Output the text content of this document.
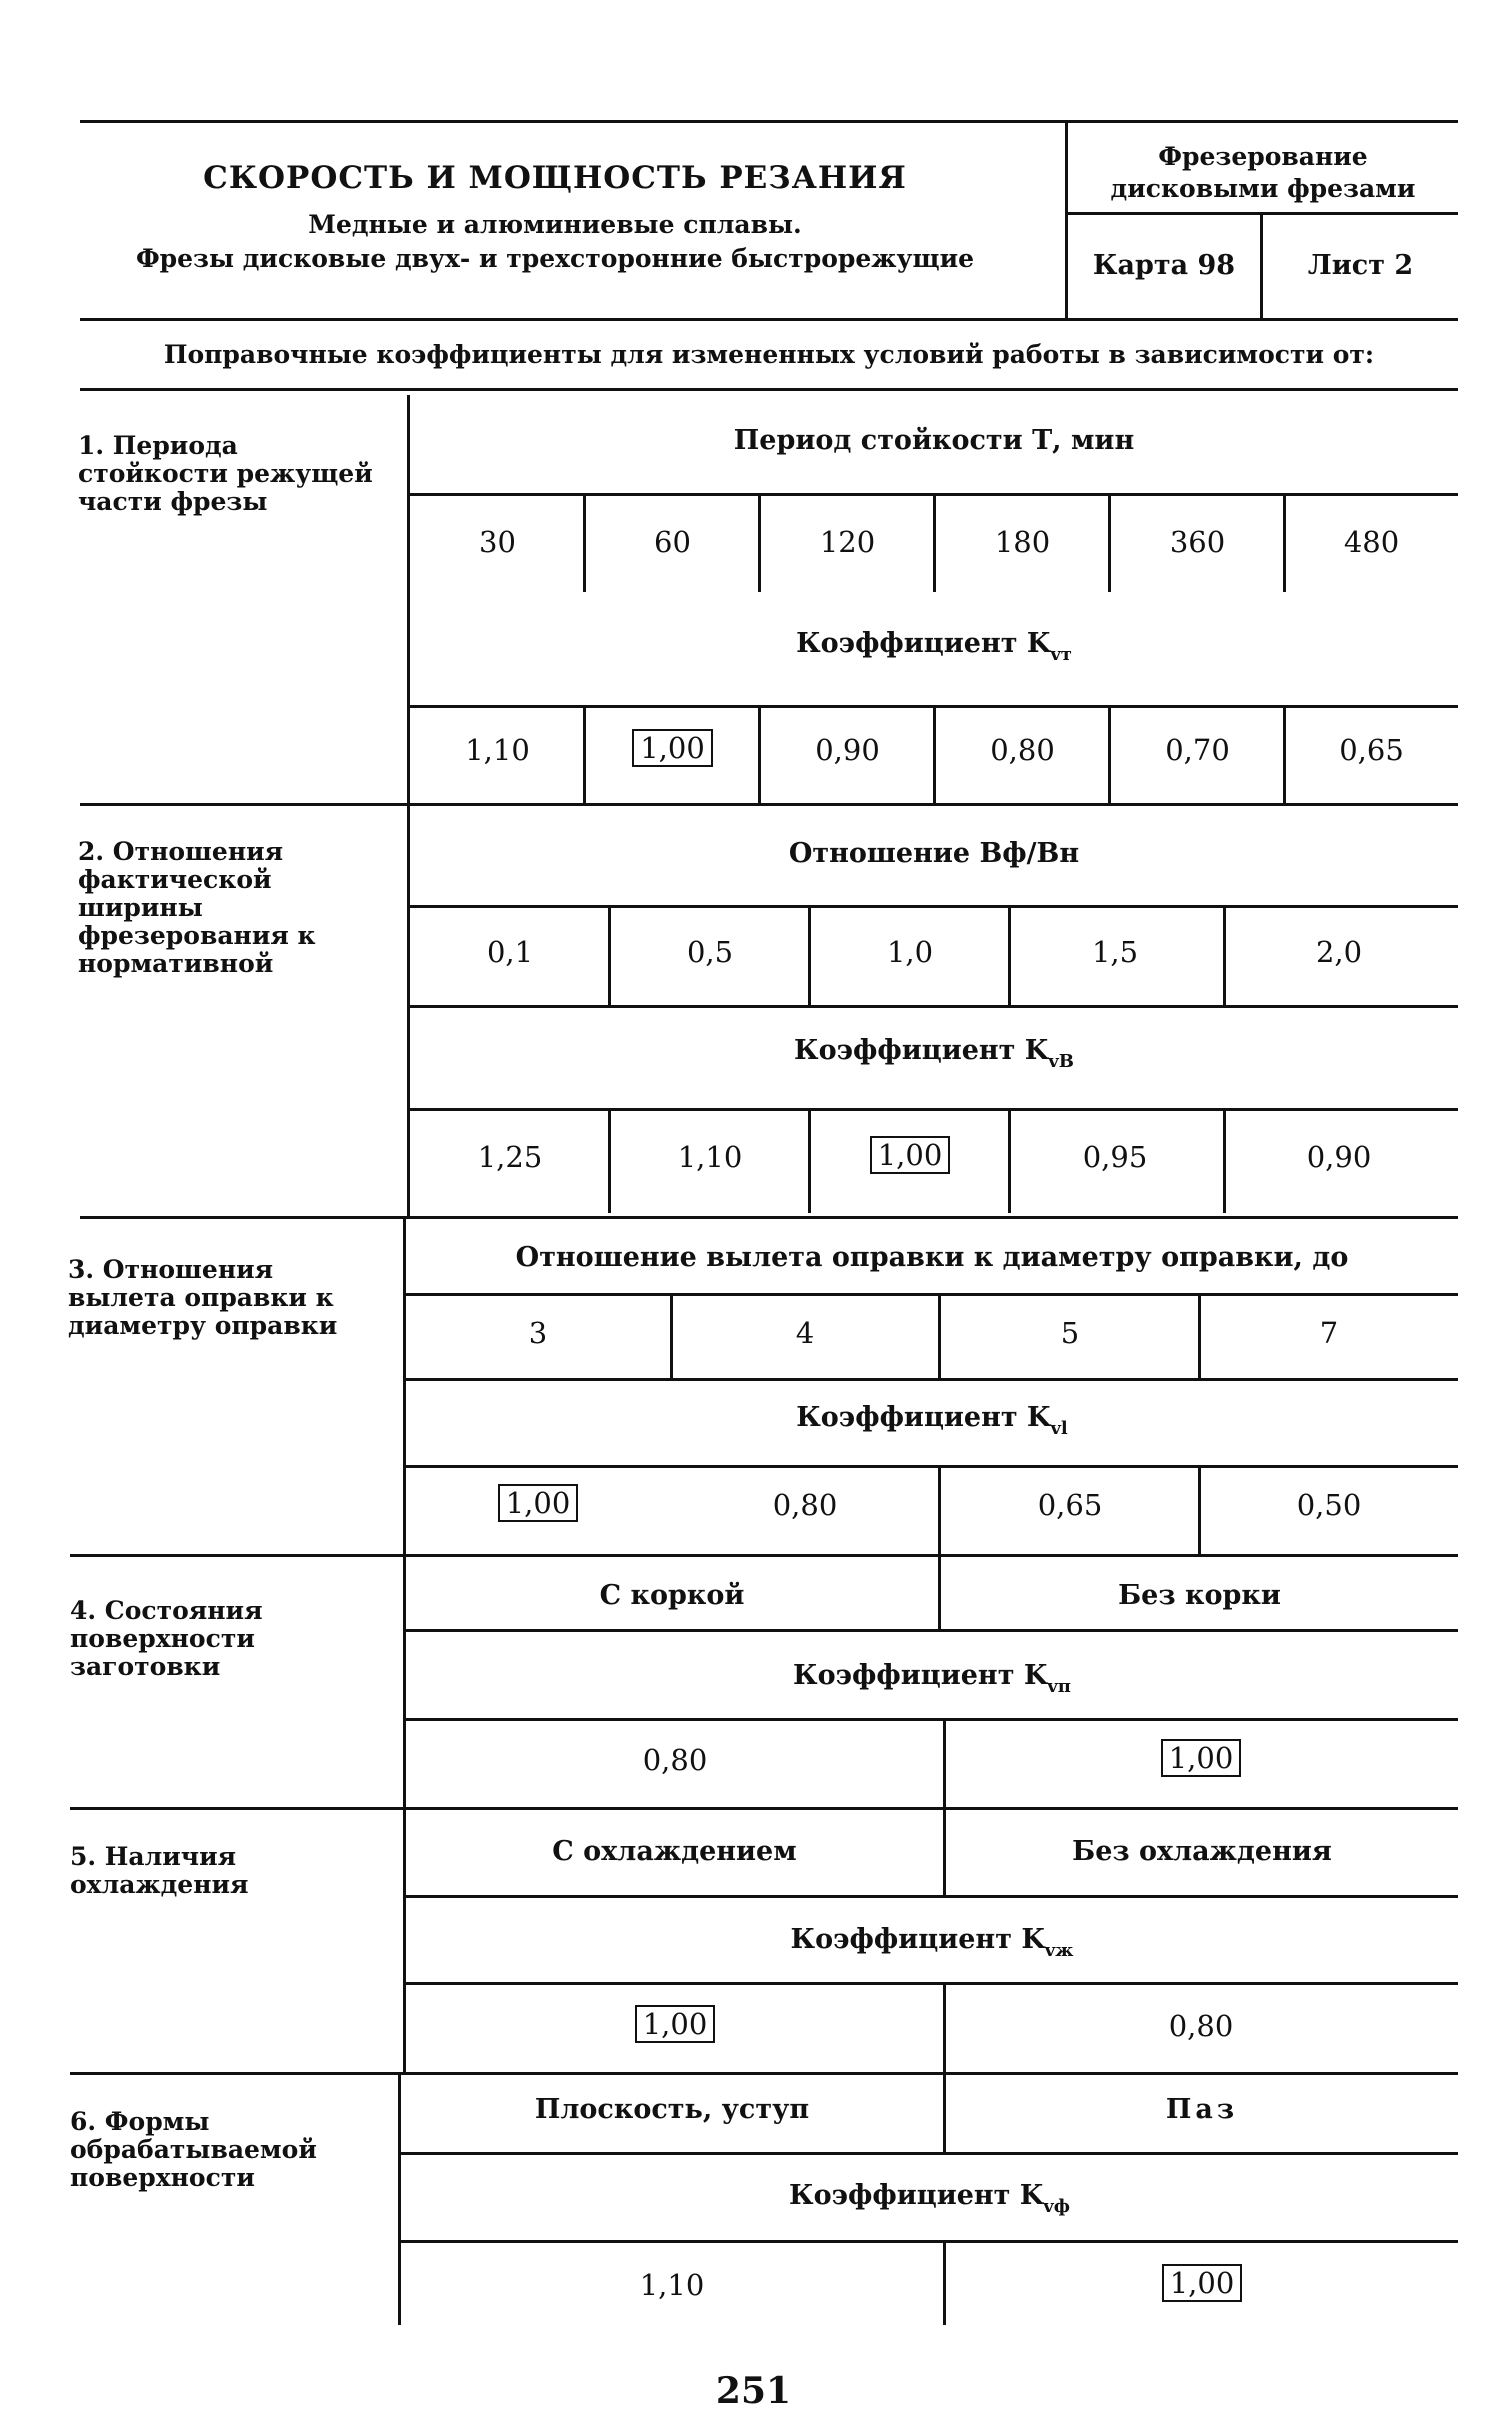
СКОРОСТЬ И МОЩНОСТЬ РЕЗАНИЯ
Медные и алюминиевые сплавы.
Фрезы дисковые двух- и трехсторонние быстрорежущие
Фрезерование
дисковыми фрезами
Карта 98	Лист 2
Поправочные коэффициенты для измененных условий работы в зависимости от:
1. Периода стойкости режущей части фрезы
Период стойкости Т, мин
30	60	120	180	360	480
Коэффициент $K_{vт}$
1,10	1,00	0,90	0,80	0,70	0,65
2. Отношения фактической ширины фрезерования к нормативной
Отношение Bф/Bн
0,1	0,5	1,0	1,5	2,0
Коэффициент $K_{vB}$
1,25	1,10	1,00	0,95	0,90
3. Отношения вылета оправки к диаметру оправки
Отношение вылета оправки к диаметру оправки, до
3	4	5	7
Коэффициент $K_{vl}$
1,00	0,80	0,65	0,50
4. Состояния поверхности заготовки
С коркой	Без корки
Коэффициент $K_{vп}$
0,80	1,00
5. Наличия охлаждения
С охлаждением	Без охлаждения
Коэффициент $K_{vж}$
1,00	0,80
6. Формы обрабатываемой поверхности
Плоскость, уступ	Паз
Коэффициент $K_{vф}$
1,10	1,00
251
